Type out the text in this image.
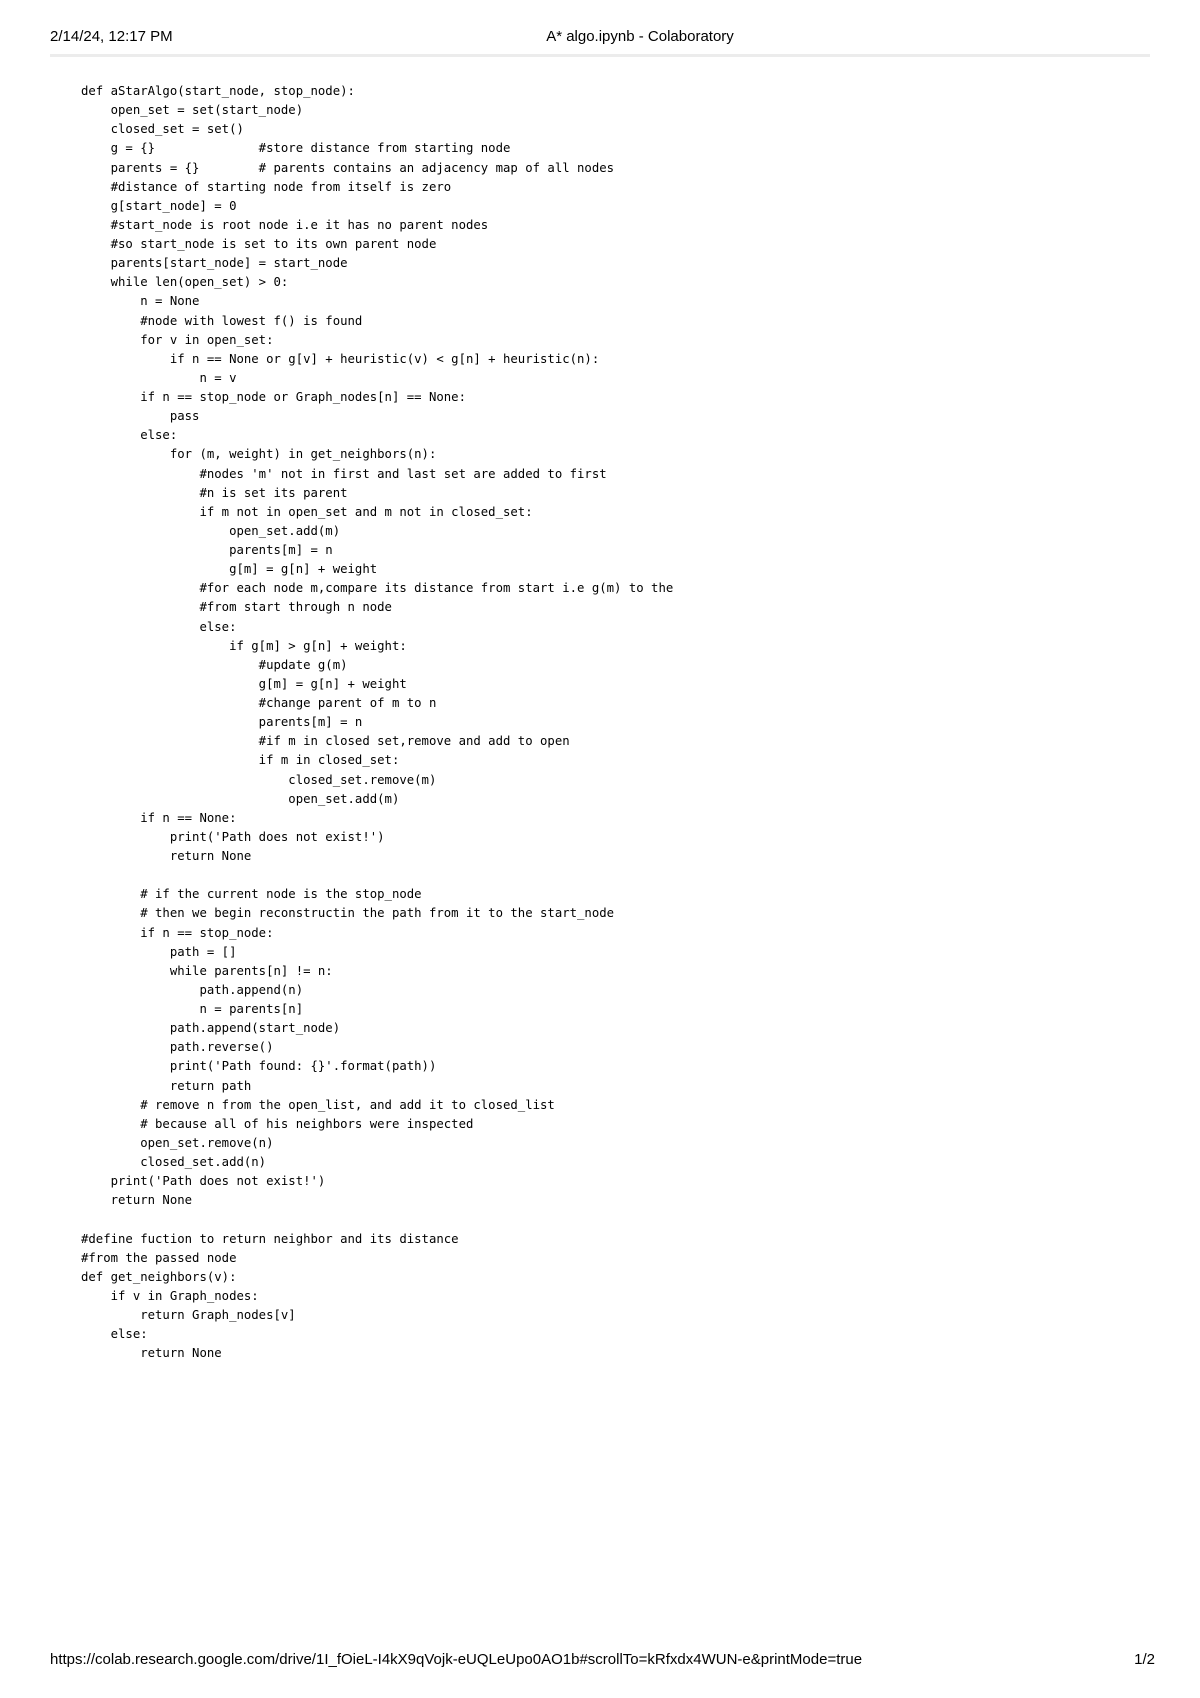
2/14/24, 12:17 PM	A* algo.ipynb - Colaboratory
def aStarAlgo(start_node, stop_node):
open_set = set(start_node)
closed_set = set()
g = {}              #store distance from starting node
parents = {}        # parents contains an adjacency map of all nodes
#distance of starting node from itself is zero
g[start_node] = 0
#start_node is root node i.e it has no parent nodes
#so start_node is set to its own parent node
parents[start_node] = start_node
while len(open_set) > 0:
n = None
#node with lowest f() is found
for v in open_set:
if n == None or g[v] + heuristic(v) < g[n] + heuristic(n):
n = v
if n == stop_node or Graph_nodes[n] == None:
pass
else:
for (m, weight) in get_neighbors(n):
#nodes 'm' not in first and last set are added to first
#n is set its parent
if m not in open_set and m not in closed_set:
open_set.add(m)
parents[m] = n
g[m] = g[n] + weight
#for each node m,compare its distance from start i.e g(m) to the
#from start through n node
else:
if g[m] > g[n] + weight:
#update g(m)
g[m] = g[n] + weight
#change parent of m to n
parents[m] = n
#if m in closed set,remove and add to open
if m in closed_set:
closed_set.remove(m)
open_set.add(m)
if n == None:
print('Path does not exist!')
return None
# if the current node is the stop_node
# then we begin reconstructin the path from it to the start_node
if n == stop_node:
path = []
while parents[n] != n:
path.append(n)
n = parents[n]
path.append(start_node)
path.reverse()
print('Path found: {}'.format(path))
return path
# remove n from the open_list, and add it to closed_list
# because all of his neighbors were inspected
open_set.remove(n)
closed_set.add(n)
print('Path does not exist!')
return None
#define fuction to return neighbor and its distance
#from the passed node
def get_neighbors(v):
if v in Graph_nodes:
return Graph_nodes[v]
else:
return None
https://colab.research.google.com/drive/1I_fOieL-I4kX9qVojk-eUQLeUpo0AO1b#scrollTo=kRfxdx4WUN-e&printMode=true	1/2
